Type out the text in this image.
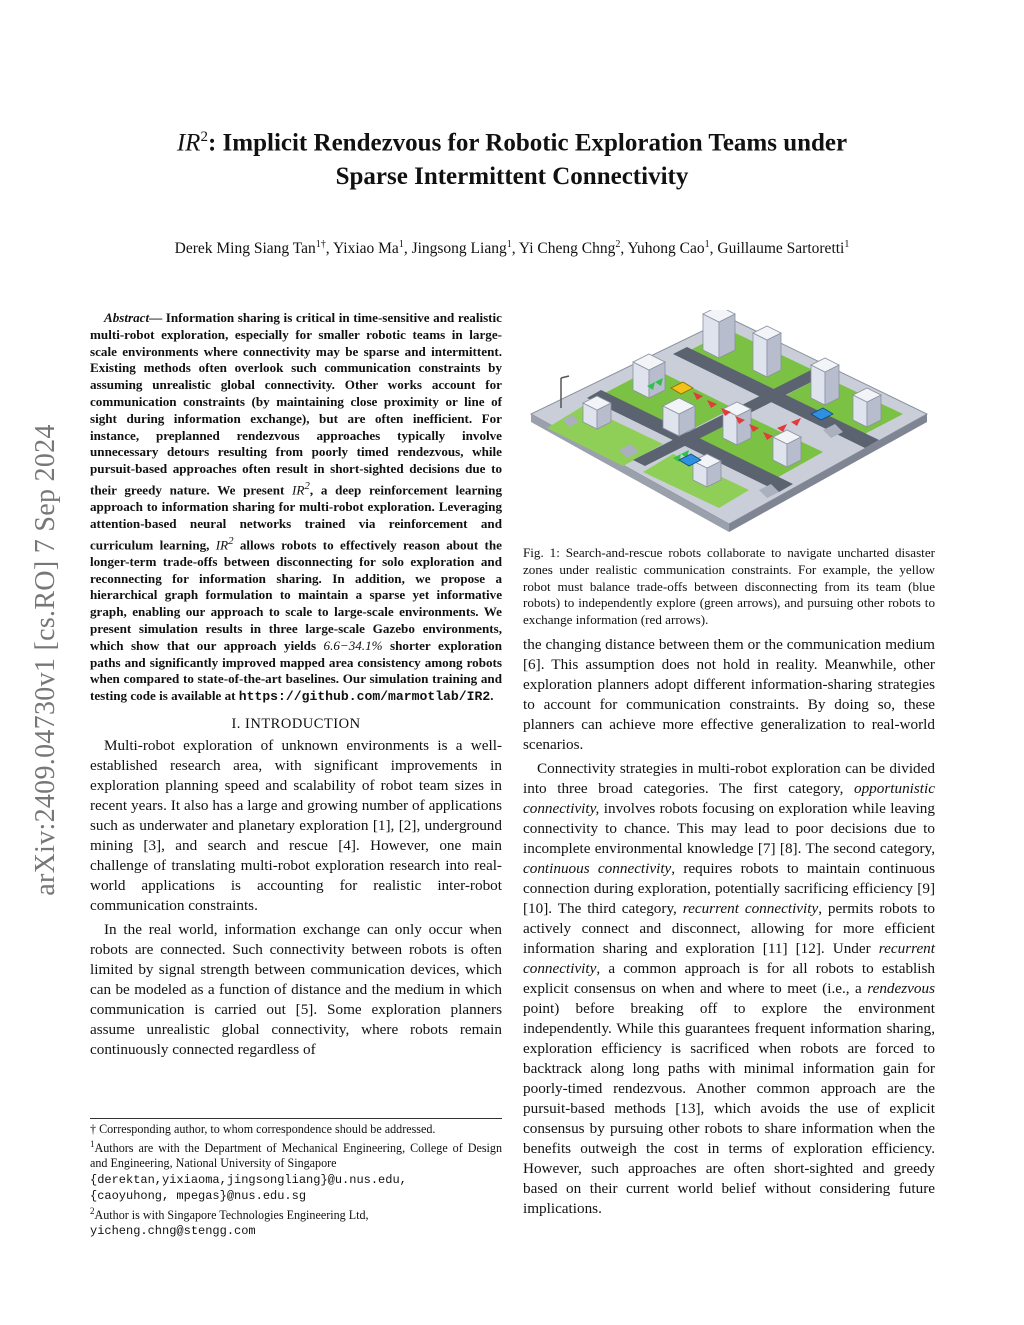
arXiv:2409.04730v1 [cs.RO] 7 Sep 2024
$IR^2$: Implicit Rendezvous for Robotic Exploration Teams under
Sparse Intermittent Connectivity
Derek Ming Siang Tan$^{1\dagger}$, Yixiao Ma$^1$, Jingsong Liang$^1$, Yi Cheng Chng$^2$, Yuhong Cao$^1$, Guillaume Sartoretti$^1$

Abstract— Information sharing is critical in time-sensitive and realistic multi-robot exploration, especially for smaller robotic teams in large-scale environments where connectivity may be sparse and intermittent. Existing methods often overlook such communication constraints by assuming unrealistic global connectivity. Other works account for communication constraints (by maintaining close proximity or line of sight during information exchange), but are often inefficient. For instance, preplanned rendezvous approaches typically involve unnecessary detours resulting from poorly timed rendezvous, while pursuit-based approaches often result in short-sighted decisions due to their greedy nature. We present $IR^2$, a deep reinforcement learning approach to information sharing for multi-robot exploration. Leveraging attention-based neural networks trained via reinforcement and curriculum learning, $IR^2$ allows robots to effectively reason about the longer-term trade-offs between disconnecting for solo exploration and reconnecting for information sharing. In addition, we propose a hierarchical graph formulation to maintain a sparse yet informative graph, enabling our approach to scale to large-scale environments. We present simulation results in three large-scale Gazebo environments, which show that our approach yields 6.6−34.1% shorter exploration paths and significantly improved mapped area consistency among robots when compared to state-of-the-art baselines. Our simulation training and testing code is available at https://github.com/marmotlab/IR2.

I. INTRODUCTION

Multi-robot exploration of unknown environments is a well-established research area, with significant improvements in exploration planning speed and scalability of robot team sizes in recent years. It also has a large and growing number of applications such as underwater and planetary exploration [1], [2], underground mining [3], and search and rescue [4]. However, one main challenge of translating multi-robot exploration research into real-world applications is accounting for realistic inter-robot communication constraints.

In the real world, information exchange can only occur when robots are connected. Such connectivity between robots is often limited by signal strength between communication devices, which can be modeled as a function of distance and the medium in which communication is carried out [5]. Some exploration planners assume unrealistic global connectivity, where robots remain continuously connected regardless of

† Corresponding author, to whom correspondence should be addressed.

$^1$Authors are with the Department of Mechanical Engineering, College of Design and Engineering, National University of Singapore
{derektan,yixiaoma,jingsongliang}@u.nus.edu,
{caoyuhong, mpegas}@nus.edu.sg

$^2$Author is with Singapore Technologies Engineering Ltd,
yicheng.chng@stengg.com

Fig. 1: Search-and-rescue robots collaborate to navigate uncharted disaster zones under realistic communication constraints. For example, the yellow robot must balance trade-offs between disconnecting from its team (blue robots) to independently explore (green arrows), and pursuing other robots to exchange information (red arrows).

the changing distance between them or the communication medium [6]. This assumption does not hold in reality. Meanwhile, other exploration planners adopt different information-sharing strategies to account for communication constraints. By doing so, these planners can achieve more effective generalization to real-world scenarios.

Connectivity strategies in multi-robot exploration can be divided into three broad categories. The first category, opportunistic connectivity, involves robots focusing on exploration while leaving connectivity to chance. This may lead to poor decisions due to incomplete environmental knowledge [7] [8]. The second category, continuous connectivity, requires robots to maintain continuous connection during exploration, potentially sacrificing efficiency [9] [10]. The third category, recurrent connectivity, permits robots to actively connect and disconnect, allowing for more efficient information sharing and exploration [11] [12]. Under recurrent connectivity, a common approach is for all robots to establish explicit consensus on when and where to meet (i.e., a rendezvous point) before breaking off to explore the environment independently. While this guarantees frequent information sharing, exploration efficiency is sacrificed when robots are forced to backtrack along long paths with minimal information gain for poorly-timed rendezvous. Another common approach are the pursuit-based methods [13], which avoids the use of explicit consensus by pursuing other robots to share information when the benefits outweigh the cost in terms of exploration efficiency. However, such approaches are often short-sighted and greedy based on their current world belief without considering future implications.
